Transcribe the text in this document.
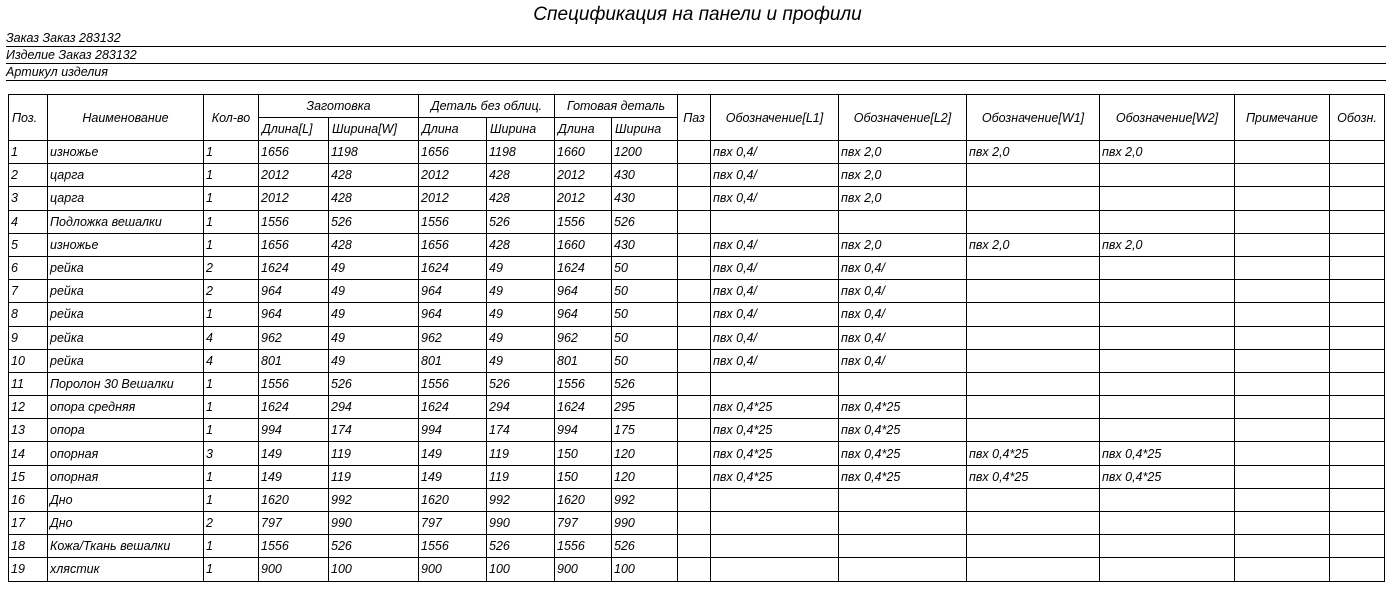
Спецификация на панели и профили
Заказ Заказ 283132
Изделие Заказ 283132
Артикул изделия
Поз.	Наименование	Кол-во	Заготовка		Деталь без облиц.		Готовая деталь		Паз	Обозначение[L1]	Обозначение[L2]	Обозначение[W1]	Обозначение[W2]	Примечание	Обозн.
			Длина[L]	Ширина[W]	Длина	Ширина	Длина	Ширина							
1	изножье	1	1656	1198	1656	1198	1660	1200		пвх 0,4/	пвх 2,0	пвх 2,0	пвх 2,0		
2	царга	1	2012	428	2012	428	2012	430		пвх 0,4/	пвх 2,0				
3	царга	1	2012	428	2012	428	2012	430		пвх 0,4/	пвх 2,0				
4	Подложка вешалки	1	1556	526	1556	526	1556	526							
5	изножье	1	1656	428	1656	428	1660	430		пвх 0,4/	пвх 2,0	пвх 2,0	пвх 2,0		
6	рейка	2	1624	49	1624	49	1624	50		пвх 0,4/	пвх 0,4/				
7	рейка	2	964	49	964	49	964	50		пвх 0,4/	пвх 0,4/				
8	рейка	1	964	49	964	49	964	50		пвх 0,4/	пвх 0,4/				
9	рейка	4	962	49	962	49	962	50		пвх 0,4/	пвх 0,4/				
10	рейка	4	801	49	801	49	801	50		пвх 0,4/	пвх 0,4/				
11	Поролон 30 Вешалки	1	1556	526	1556	526	1556	526							
12	опора средняя	1	1624	294	1624	294	1624	295		пвх 0,4*25	пвх 0,4*25				
13	опора	1	994	174	994	174	994	175		пвх 0,4*25	пвх 0,4*25				
14	опорная	3	149	119	149	119	150	120		пвх 0,4*25	пвх 0,4*25	пвх 0,4*25	пвх 0,4*25		
15	опорная	1	149	119	149	119	150	120		пвх 0,4*25	пвх 0,4*25	пвх 0,4*25	пвх 0,4*25		
16	Дно	1	1620	992	1620	992	1620	992							
17	Дно	2	797	990	797	990	797	990							
18	Кожа/Ткань вешалки	1	1556	526	1556	526	1556	526							
19	хлястик	1	900	100	900	100	900	100							
